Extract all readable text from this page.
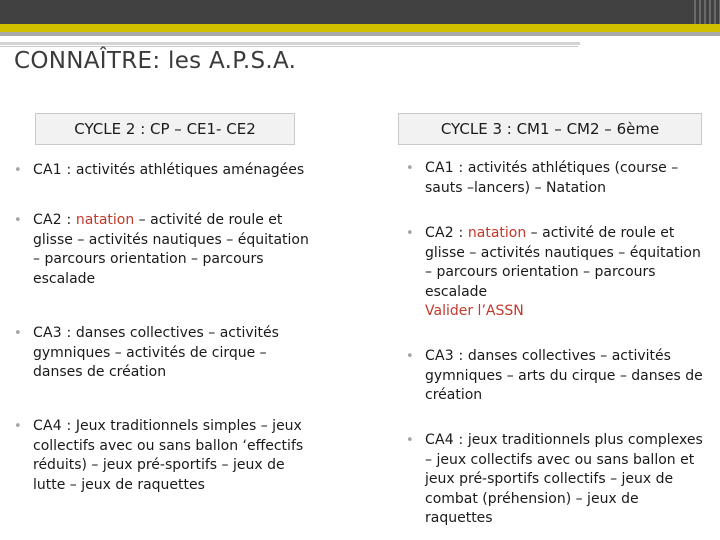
CONNAÎTRE: les A.P.S.A.
CYCLE 2 : CP – CE1- CE2	CYCLE 3 : CM1 – CM2 – 6ème
• CA1 : activités athlétiques aménagées
• CA2 : natation – activité de roule et glisse – activités nautiques – équitation – parcours orientation – parcours escalade
• CA3 : danses collectives – activités gymniques – activités de cirque – danses de création
• CA4 : Jeux traditionnels simples – jeux collectifs avec ou sans ballon ‘effectifs réduits) – jeux pré-sportifs – jeux de lutte – jeux de raquettes
• CA1 : activités athlétiques (course – sauts –lancers) – Natation
• CA2 : natation – activité de roule et glisse – activités nautiques – équitation – parcours orientation – parcours escalade
Valider l’ASSN
• CA3 : danses collectives – activités gymniques – arts du cirque – danses de création
• CA4 : jeux traditionnels plus complexes – jeux collectifs avec ou sans ballon et jeux pré-sportifs collectifs – jeux de combat (préhension) – jeux de raquettes
